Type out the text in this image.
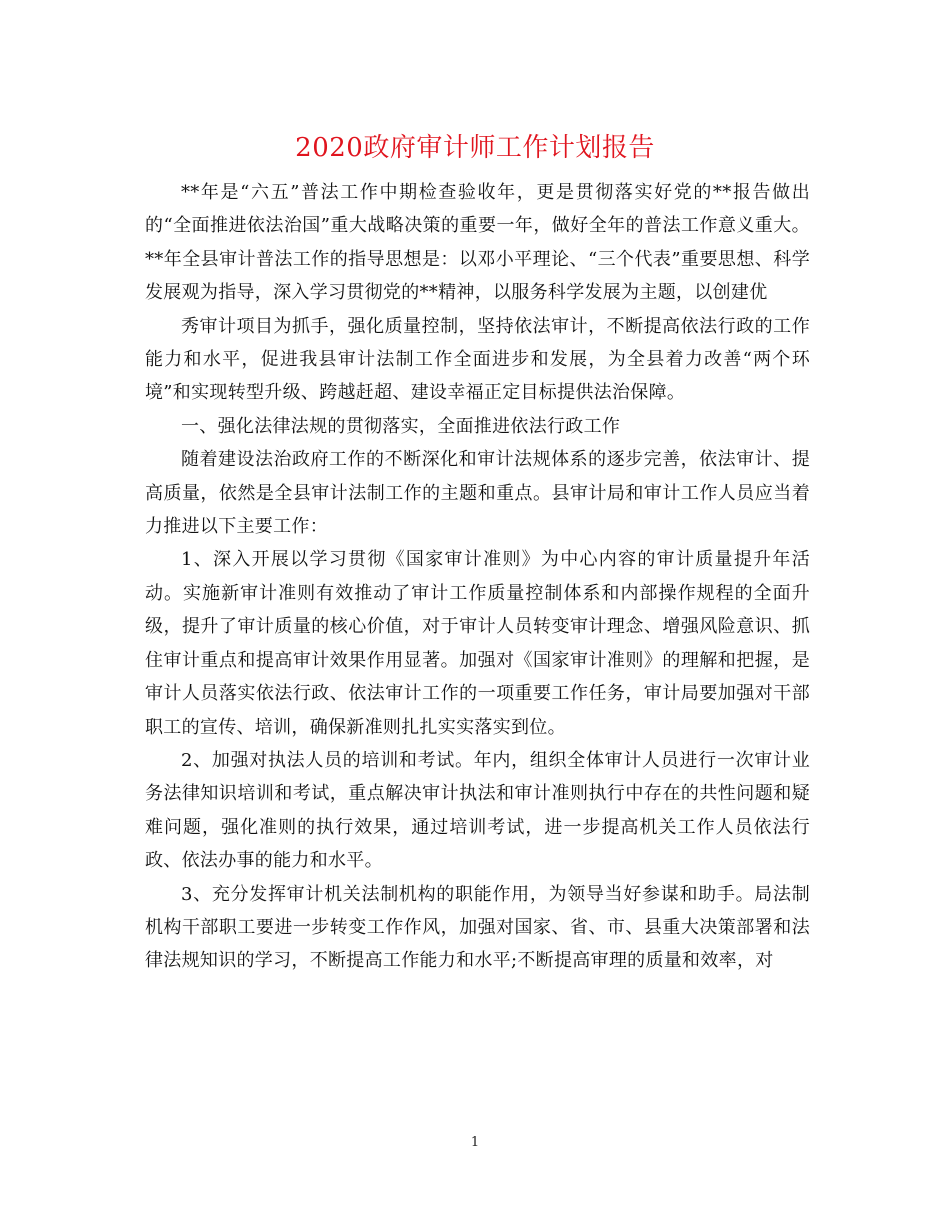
2020政府审计师工作计划报告

**年是“六五”普法工作中期检查验收年，更是贯彻落实好党的**报告做出的“全面推进依法治国”重大战略决策的重要一年，做好全年的普法工作意义重大。**年全县审计普法工作的指导思想是：以邓小平理论、“三个代表”重要思想、科学发展观为指导，深入学习贯彻党的**精神，以服务科学发展为主题，以创建优

秀审计项目为抓手，强化质量控制，坚持依法审计，不断提高依法行政的工作能力和水平，促进我县审计法制工作全面进步和发展，为全县着力改善“两个环境”和实现转型升级、跨越赶超、建设幸福正定目标提供法治保障。

一、强化法律法规的贯彻落实，全面推进依法行政工作

随着建设法治政府工作的不断深化和审计法规体系的逐步完善，依法审计、提高质量，依然是全县审计法制工作的主题和重点。县审计局和审计工作人员应当着力推进以下主要工作：

1、深入开展以学习贯彻《国家审计准则》为中心内容的审计质量提升年活动。实施新审计准则有效推动了审计工作质量控制体系和内部操作规程的全面升级，提升了审计质量的核心价值，对于审计人员转变审计理念、增强风险意识、抓住审计重点和提高审计效果作用显著。加强对《国家审计准则》的理解和把握，是审计人员落实依法行政、依法审计工作的一项重要工作任务，审计局要加强对干部职工的宣传、培训，确保新准则扎扎实实落实到位。

2、加强对执法人员的培训和考试。年内，组织全体审计人员进行一次审计业务法律知识培训和考试，重点解决审计执法和审计准则执行中存在的共性问题和疑难问题，强化准则的执行效果，通过培训考试，进一步提高机关工作人员依法行政、依法办事的能力和水平。

3、充分发挥审计机关法制机构的职能作用，为领导当好参谋和助手。局法制机构干部职工要进一步转变工作作风，加强对国家、省、市、县重大决策部署和法律法规知识的学习，不断提高工作能力和水平;不断提高审理的质量和效率，对

1
